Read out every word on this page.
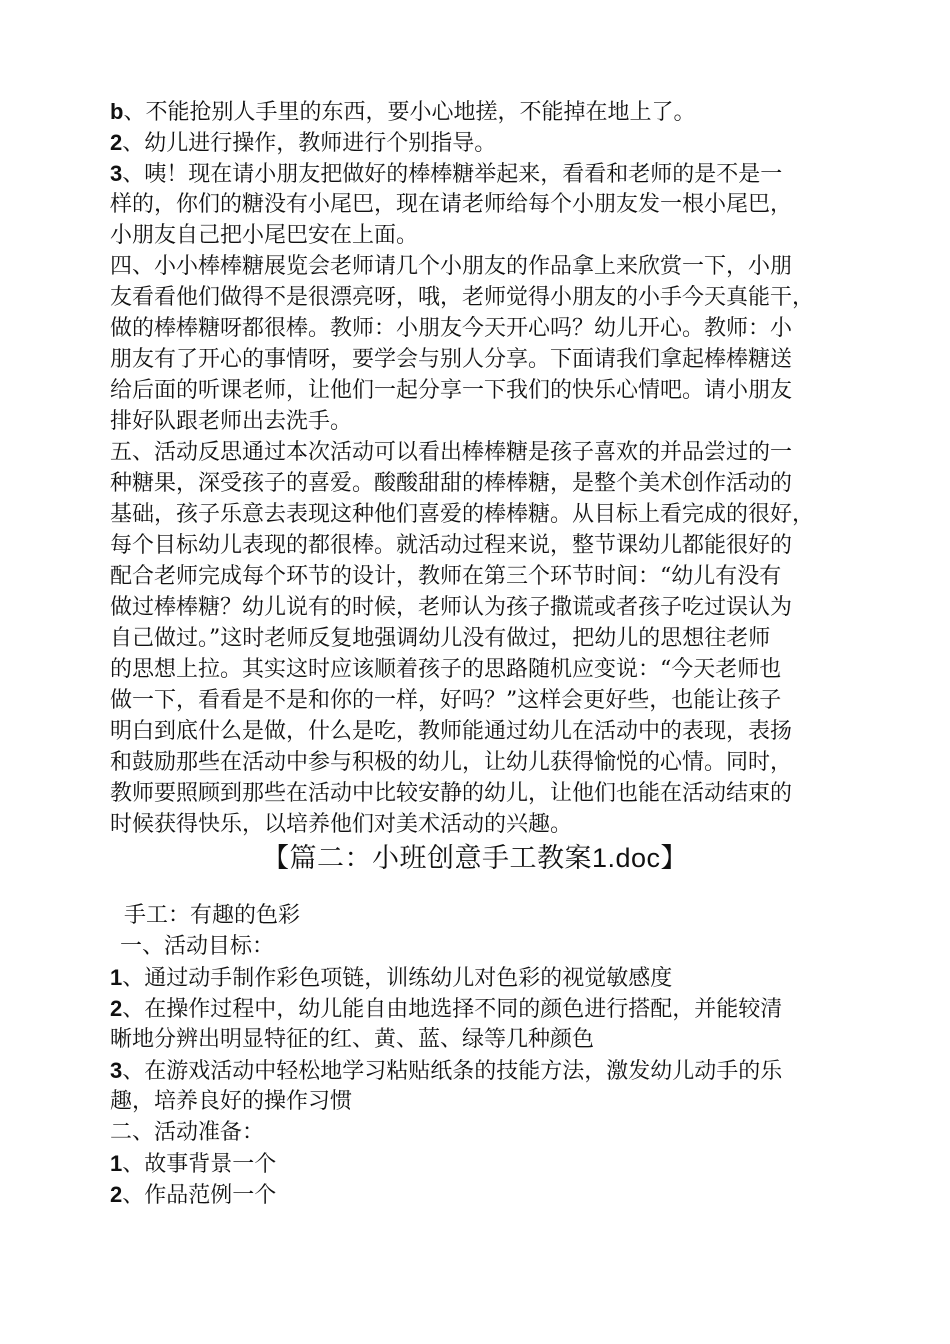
b、不能抢别人手里的东西，要小心地搓，不能掉在地上了。
2、幼儿进行操作，教师进行个别指导。
3、咦！现在请小朋友把做好的棒棒糖举起来，看看和老师的是不是一
样的，你们的糖没有小尾巴，现在请老师给每个小朋友发一根小尾巴，
小朋友自己把小尾巴安在上面。
四、小小棒棒糖展览会老师请几个小朋友的作品拿上来欣赏一下，小朋
友看看他们做得不是很漂亮呀，哦，老师觉得小朋友的小手今天真能干，
做的棒棒糖呀都很棒。教师：小朋友今天开心吗？幼儿开心。教师：小
朋友有了开心的事情呀，要学会与别人分享。下面请我们拿起棒棒糖送
给后面的听课老师，让他们一起分享一下我们的快乐心情吧。请小朋友
排好队跟老师出去洗手。
五、活动反思通过本次活动可以看出棒棒糖是孩子喜欢的并品尝过的一
种糖果，深受孩子的喜爱。酸酸甜甜的棒棒糖，是整个美术创作活动的
基础，孩子乐意去表现这种他们喜爱的棒棒糖。从目标上看完成的很好，
每个目标幼儿表现的都很棒。就活动过程来说，整节课幼儿都能很好的
配合老师完成每个环节的设计，教师在第三个环节时间：“幼儿有没有
做过棒棒糖？幼儿说有的时候，老师认为孩子撒谎或者孩子吃过误认为
自己做过。”这时老师反复地强调幼儿没有做过，把幼儿的思想往老师
的思想上拉。其实这时应该顺着孩子的思路随机应变说：“今天老师也
做一下，看看是不是和你的一样，好吗？”这样会更好些，也能让孩子
明白到底什么是做，什么是吃，教师能通过幼儿在活动中的表现，表扬
和鼓励那些在活动中参与积极的幼儿，让幼儿获得愉悦的心情。同时，
教师要照顾到那些在活动中比较安静的幼儿，让他们也能在活动结束的
时候获得快乐，以培养他们对美术活动的兴趣。
【篇二：小班创意手工教案1.doc】
手工：有趣的色彩
一、活动目标：
1、通过动手制作彩色项链，训练幼儿对色彩的视觉敏感度
2、在操作过程中，幼儿能自由地选择不同的颜色进行搭配，并能较清
晰地分辨出明显特征的红、黄、蓝、绿等几种颜色
3、在游戏活动中轻松地学习粘贴纸条的技能方法，激发幼儿动手的乐
趣，培养良好的操作习惯
二、活动准备：
1、故事背景一个
2、作品范例一个
